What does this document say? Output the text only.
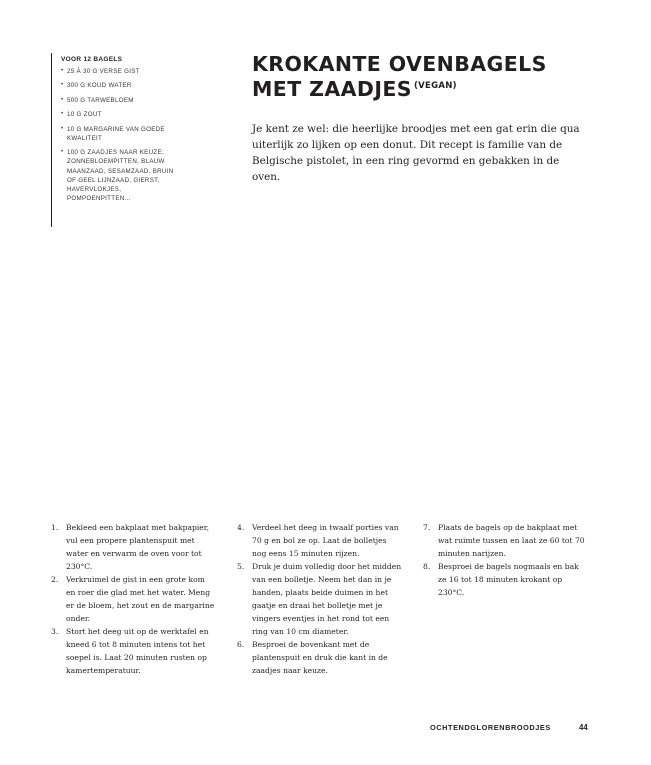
VOOR 12 BAGELS
• 25 À 30 G VERSE GIST
• 300 G KOUD WATER
• 500 G TARWEBLOEM
• 10 G ZOUT
• 10 G MARGARINE VAN GOEDE KWALITEIT
• 100 G ZAADJES NAAR KEUZE: ZONNEBLOEMPITTEN, BLAUW MAANZAAD, SESAMZAAD, BRUIN OF GEEL LIJNZAAD, GIERST, HAVERVLOKJES, POMPOENPITTEN...
KROKANTE OVENBAGELS
MET ZAADJES $^{(VEGAN)}$

Je kent ze wel: die heerlijke broodjes met een gat erin die qua uiterlijk zo lijken op een donut. Dit recept is familie van de Belgische pistolet, in een ring gevormd en gebakken in de oven.

1. Bekleed een bakplaat met bakpapier, vul een propere plantenspuit met water en verwarm de oven voor tot 230°C.
2. Verkruimel de gist in een grote kom en roer die glad met het water. Meng er de bloem, het zout en de margarine onder.
3. Stort het deeg uit op de werktafel en kneed 6 tot 8 minuten intens tot het soepel is. Laat 20 minuten rusten op kamertemperatuur.
4. Verdeel het deeg in twaalf porties van 70 g en bol ze op. Laat de bolletjes nog eens 15 minuten rijzen.
5. Druk je duim volledig door het midden van een bolletje. Neem het dan in je handen, plaats beide duimen in het gaatje en draai het bolletje met je vingers eventjes in het rond tot een ring van 10 cm diameter.
6. Besproei de bovenkant met de plantenspuit en druk die kant in de zaadjes naar keuze.
7. Plaats de bagels op de bakplaat met wat ruimte tussen en laat ze 60 tot 70 minuten narijzen.
8. Besproei de bagels nogmaals en bak ze 16 tot 18 minuten krokant op 230°C.
OCHTENDGLORENBROODJES	44
